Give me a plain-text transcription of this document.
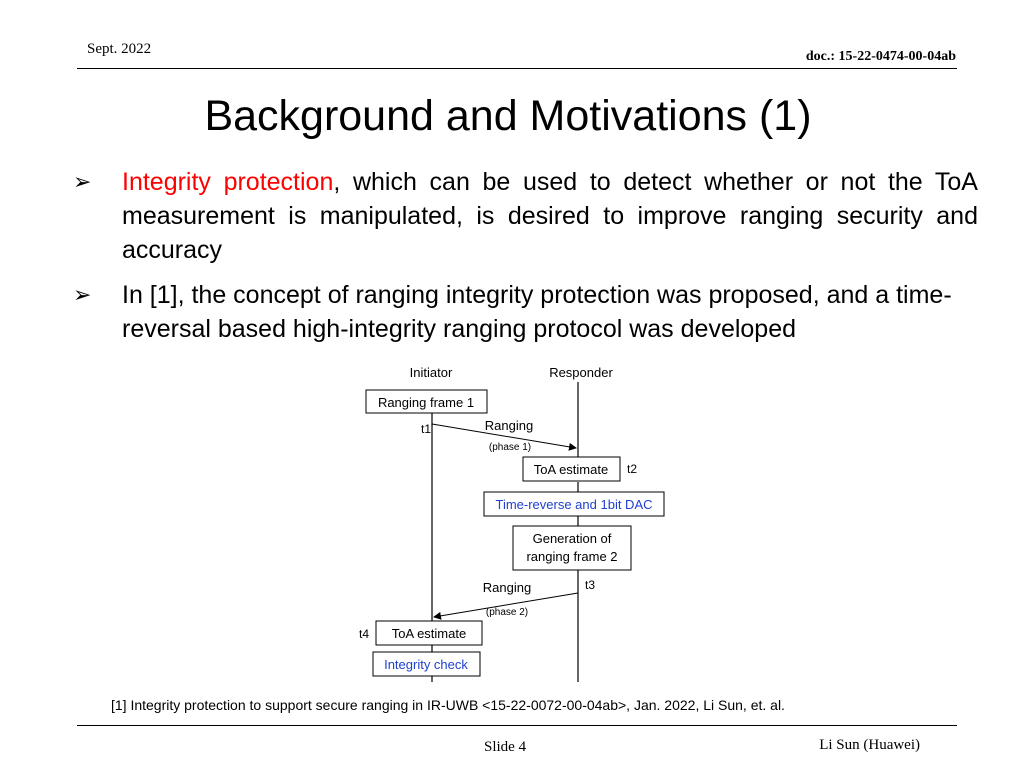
Sept. 2022	doc.: 15-22-0474-00-04ab
Background and Motivations (1)
➢ Integrity protection, which can be used to detect whether or not the ToA measurement is manipulated, is desired to improve ranging security and accuracy
➢ In [1], the concept of ranging integrity protection was proposed, and a time-reversal based high-integrity ranging protocol was developed
Initiator	Responder
Ranging frame 1
t1	Ranging
(phase 1)
ToA estimate t2
Time-reverse and 1bit DAC
Generation of
ranging frame 2
t3
Ranging
(phase 2)
ToA estimate
t4
Integrity check
[1] Integrity protection to support secure ranging in IR-UWB <15-22-0072-00-04ab>, Jan. 2022, Li Sun, et. al.
Slide 4	Li Sun (Huawei)
